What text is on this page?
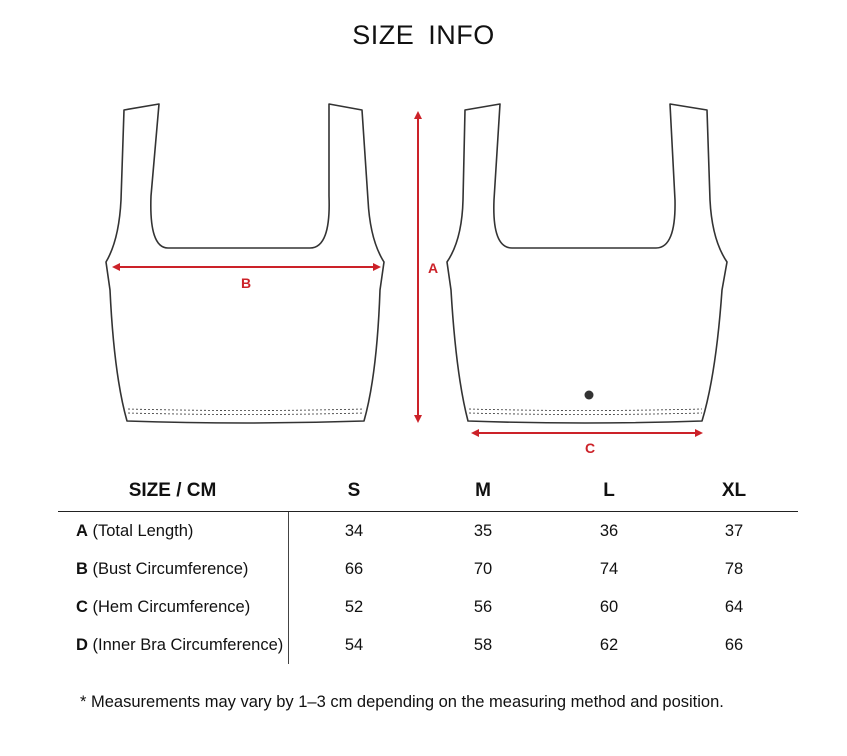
SIZE INFO
A
B
C
SIZE / CM	S	M	L	XL
A (Total Length)	34	35	36	37
B (Bust Circumference)	66	70	74	78
C (Hem Circumference)	52	56	60	64
D (Inner Bra Circumference)	54	58	62	66
* Measurements may vary by 1–3 cm depending on the measuring method and position.
